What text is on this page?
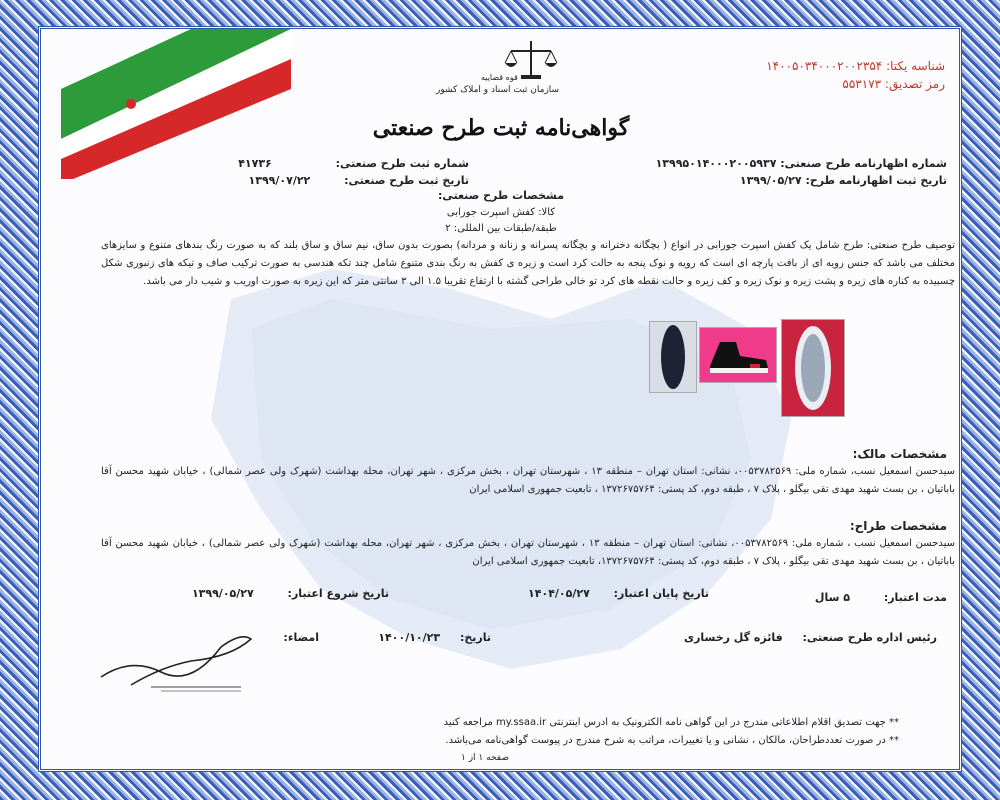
قوه قضاییه
سازمان ثبت اسناد و املاک کشور
گواهی‌نامه ثبت طرح صنعتی
شناسه یکتا: ۱۴۰۰۵۰۳۴۰۰۰۲۰۰۲۳۵۴
رمز تصدیق: ۵۵۳۱۷۳
شماره اظهارنامه طرح صنعتی: ۱۳۹۹۵۰۱۴۰۰۰۲۰۰۵۹۳۷
تاریخ ثبت اظهارنامه طرح: ۱۳۹۹/۰۵/۲۷
شماره ثبت طرح صنعتی: ۴۱۷۳۶
تاریخ ثبت طرح صنعتی: ۱۳۹۹/۰۷/۲۲
مشخصات طرح صنعتی:
کالا: کفش اسپرت جورابی
طبقه/طبقات بین المللی: ۲
توصیف طرح صنعتی: طرح شامل یک کفش اسپرت جورابی در انواع ( بچگانه دخترانه و بچگانه پسرانه و زنانه و مردانه) بصورت بدون ساق، نیم ساق و ساق بلند که به صورت رنگ بندهای متنوع و سایزهای مختلف می باشد که جنس رویه ای از بافت پارچه ای است که رویه و نوک پنجه به حالت کرد است و زیره ی کفش به رنگ بندی متنوع شامل چند تکه هندسی به صورت ترکیب صاف و تیکه های زنبوری شکل چسبیده به کناره های زیره و پشت زیره و نوک زیره و کف زیره و حالت نقطه های کرد تو خالی طراحی گشته با ارتفاع تقریبا ۱.۵ الی ۳ سانتی متر که این زیره به صورت اوریب و شیب دار می باشد.
مشخصات مالک:
سیدحسن اسمعیل نسب، شماره ملی: ۰۰۵۳۷۸۲۵۶۹، نشانی: استان تهران – منطقه ۱۳ ، شهرستان تهران ، بخش مرکزی ، شهر تهران، محله بهداشت (شهرک ولی عصر شمالی) ، خیابان شهید محسن آقا باباتیان ، بن بست شهید مهدی تقی بیگلو ، پلاک ۷ ، طبقه دوم، کد پستی: ۱۳۷۲۶۷۵۷۶۴ ، تابعیت جمهوری اسلامی ایران
مشخصات طراح:
سیدحسن اسمعیل نسب ، شماره ملی: ۰۰۵۳۷۸۲۵۶۹، نشانی: استان تهران – منطقه ۱۳ ، شهرستان تهران ، بخش مرکزی ، شهر تهران، محله بهداشت (شهرک ولی عصر شمالی) ، خیابان شهید محسن آقا باباتیان ، بن بست شهید مهدی تقی بیگلو ، پلاک ۷ ، طبقه دوم، کد پستی: ۱۳۷۲۶۷۵۷۶۴، تابعیت جمهوری اسلامی ایران
مدت اعتبار: ۵ سال
تاریخ پایان اعتبار: ۱۴۰۴/۰۵/۲۷
تاریخ شروع اعتبار: ۱۳۹۹/۰۵/۲۷
رئیس اداره طرح صنعتی: فائزه گل رخساری
تاریخ: ۱۴۰۰/۱۰/۲۳
امضاء:
** جهت تصدیق اقلام اطلاعاتی مندرج در این گواهی نامه الکترونیک به ادرس اینترنتی my.ssaa.ir مراجعه کنید
** در صورت تعددطراحان، مالکان ، نشانی و یا تغییرات، مراتب به شرح مندرج در پیوست گواهی‌نامه می‌باشد.
صفحه ۱ از ۱
